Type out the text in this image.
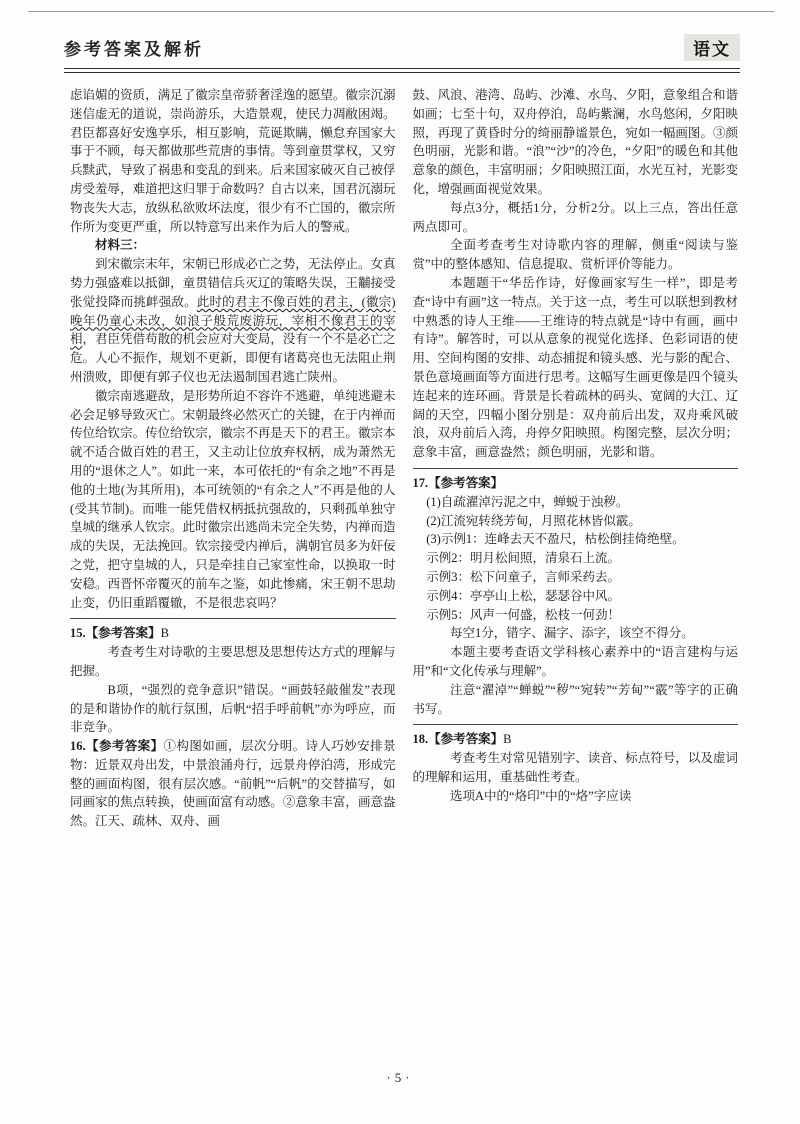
参考答案及解析	语文

虑谄媚的资质，满足了徽宗皇帝骄奢淫逸的愿望。徽宗沉溺迷信虚无的道说，崇尚游乐，大造景观，使民力凋敝困竭。君臣都喜好安逸享乐，相互影响，荒诞欺瞒，懒怠弃国家大事于不顾，每天都做那些荒唐的事情。等到童贯掌权，又穷兵黩武，导致了祸患和变乱的到来。后来国家破灭自己被俘虏受羞辱，难道把这归罪于命数吗？自古以来，国君沉溺玩物丧失大志，放纵私欲败坏法度，很少有不亡国的，徽宗所作所为变更严重，所以特意写出来作为后人的警戒。

材料三：

到宋徽宗末年，宋朝已形成必亡之势，无法停止。女真势力强盛难以抵御，童贯错信兵灭辽的策略失误，王黼接受张觉投降而挑衅强敌。此时的君主不像百姓的君主，(徽宗)晚年仍童心未改，如浪子般荒废游玩，宰相不像君王的宰相，君臣凭借苟散的机会应对大变局，没有一个不是必亡之危。人心不振作，规划不更新，即便有诸葛亮也无法阻止荆州溃败，即便有郭子仪也无法遏制国君逃亡陕州。

徽宗南逃避敌，是形势所迫不容许不逃避，单纯逃避未必会足够导致灭亡。宋朝最终必然灭亡的关键，在于内禅而传位给钦宗。传位给钦宗，徽宗不再是天下的君王。徽宗本就不适合做百姓的君王，又主动让位放弃权柄，成为萧然无用的“退休之人”。如此一来，本可依托的“有余之地”不再是他的土地(为其所用)，本可统领的“有余之人”不再是他的人(受其节制)。而唯一能凭借权柄抵抗强敌的，只剩孤单独守皇城的继承人钦宗。此时徽宗出逃尚未完全失势，内禅而造成的失误，无法挽回。钦宗接受内禅后，满朝官员多为奸佞之党，把守皇城的人，只是牵挂自己家室性命，以换取一时安稳。西晋怀帝覆灭的前车之鉴，如此惨痛，宋王朝不思劫止变，仍旧重蹈覆辙，不是很悲哀吗？

15.【参考答案】B

考查考生对诗歌的主要思想及思想传达方式的理解与把握。

B项，“强烈的竞争意识”错误。“画鼓轻敲催发”表现的是和谐协作的航行氛围，后帆“招手呼前帆”亦为呼应，而非竞争。

16.【参考答案】①构图如画，层次分明。诗人巧妙安排景物：近景双舟出发，中景浪涌舟行，远景舟停泊湾，形成完整的画面构图，很有层次感。“前帆”“后帆”的交替描写，如同画家的焦点转换，使画面富有动感。②意象丰富，画意盎然。江天、疏林、双舟、画

鼓、风浪、港湾、岛屿、沙滩、水鸟、夕阳，意象组合和谐如画；七至十句，双舟停泊，岛屿紫澜，水鸟悠闲，夕阳映照，再现了黄昏时分的绮丽静谧景色，宛如一幅画图。③颜色明丽，光影和谐。“浪”“沙”的冷色，“夕阳”的暖色和其他意象的颜色，丰富明丽；夕阳映照江面，水光互衬，光影变化，增强画面视觉效果。

每点3分，概括1分，分析2分。以上三点，答出任意两点即可。

全面考查考生对诗歌内容的理解，侧重“阅读与鉴赏”中的整体感知、信息提取、赏析评价等能力。

本题题干“华岳作诗，好像画家写生一样”，即是考查“诗中有画”这一特点。关于这一点，考生可以联想到教材中熟悉的诗人王维——王维诗的特点就是“诗中有画，画中有诗”。解答时，可以从意象的视觉化选择、色彩词语的使用、空间构图的安排、动态捕捉和镜头感、光与影的配合、景色意境画面等方面进行思考。这幅写生画更像是四个镜头连起来的连环画。背景是长着疏林的码头、宽阔的大江、辽阔的天空，四幅小图分别是：双舟前后出发，双舟乘风破浪，双舟前后入湾，舟停夕阳映照。构图完整，层次分明；意象丰富，画意盎然；颜色明丽，光影和谐。

17.【参考答案】

(1)自疏濯淖污泥之中，蝉蜕于浊秽。

(2)江流宛转绕芳甸，月照花林皆似霰。

(3)示例1：连峰去天不盈尺，枯松倒挂倚绝壁。

示例2：明月松间照，清泉石上流。

示例3：松下问童子，言师采药去。

示例4：亭亭山上松，瑟瑟谷中风。

示例5：风声一何盛，松枝一何劲！

每空1分，错字、漏字、添字，该空不得分。

本题主要考查语文学科核心素养中的“语言建构与运用”和“文化传承与理解”。

注意“濯淖”“蝉蜕”“秽”“宛转”“芳甸”“霰”等字的正确书写。

18.【参考答案】B

考查考生对常见错别字、读音、标点符号，以及虚词的理解和运用，重基础性考查。

选项A中的“烙印”中的“烙”字应读

·5·
